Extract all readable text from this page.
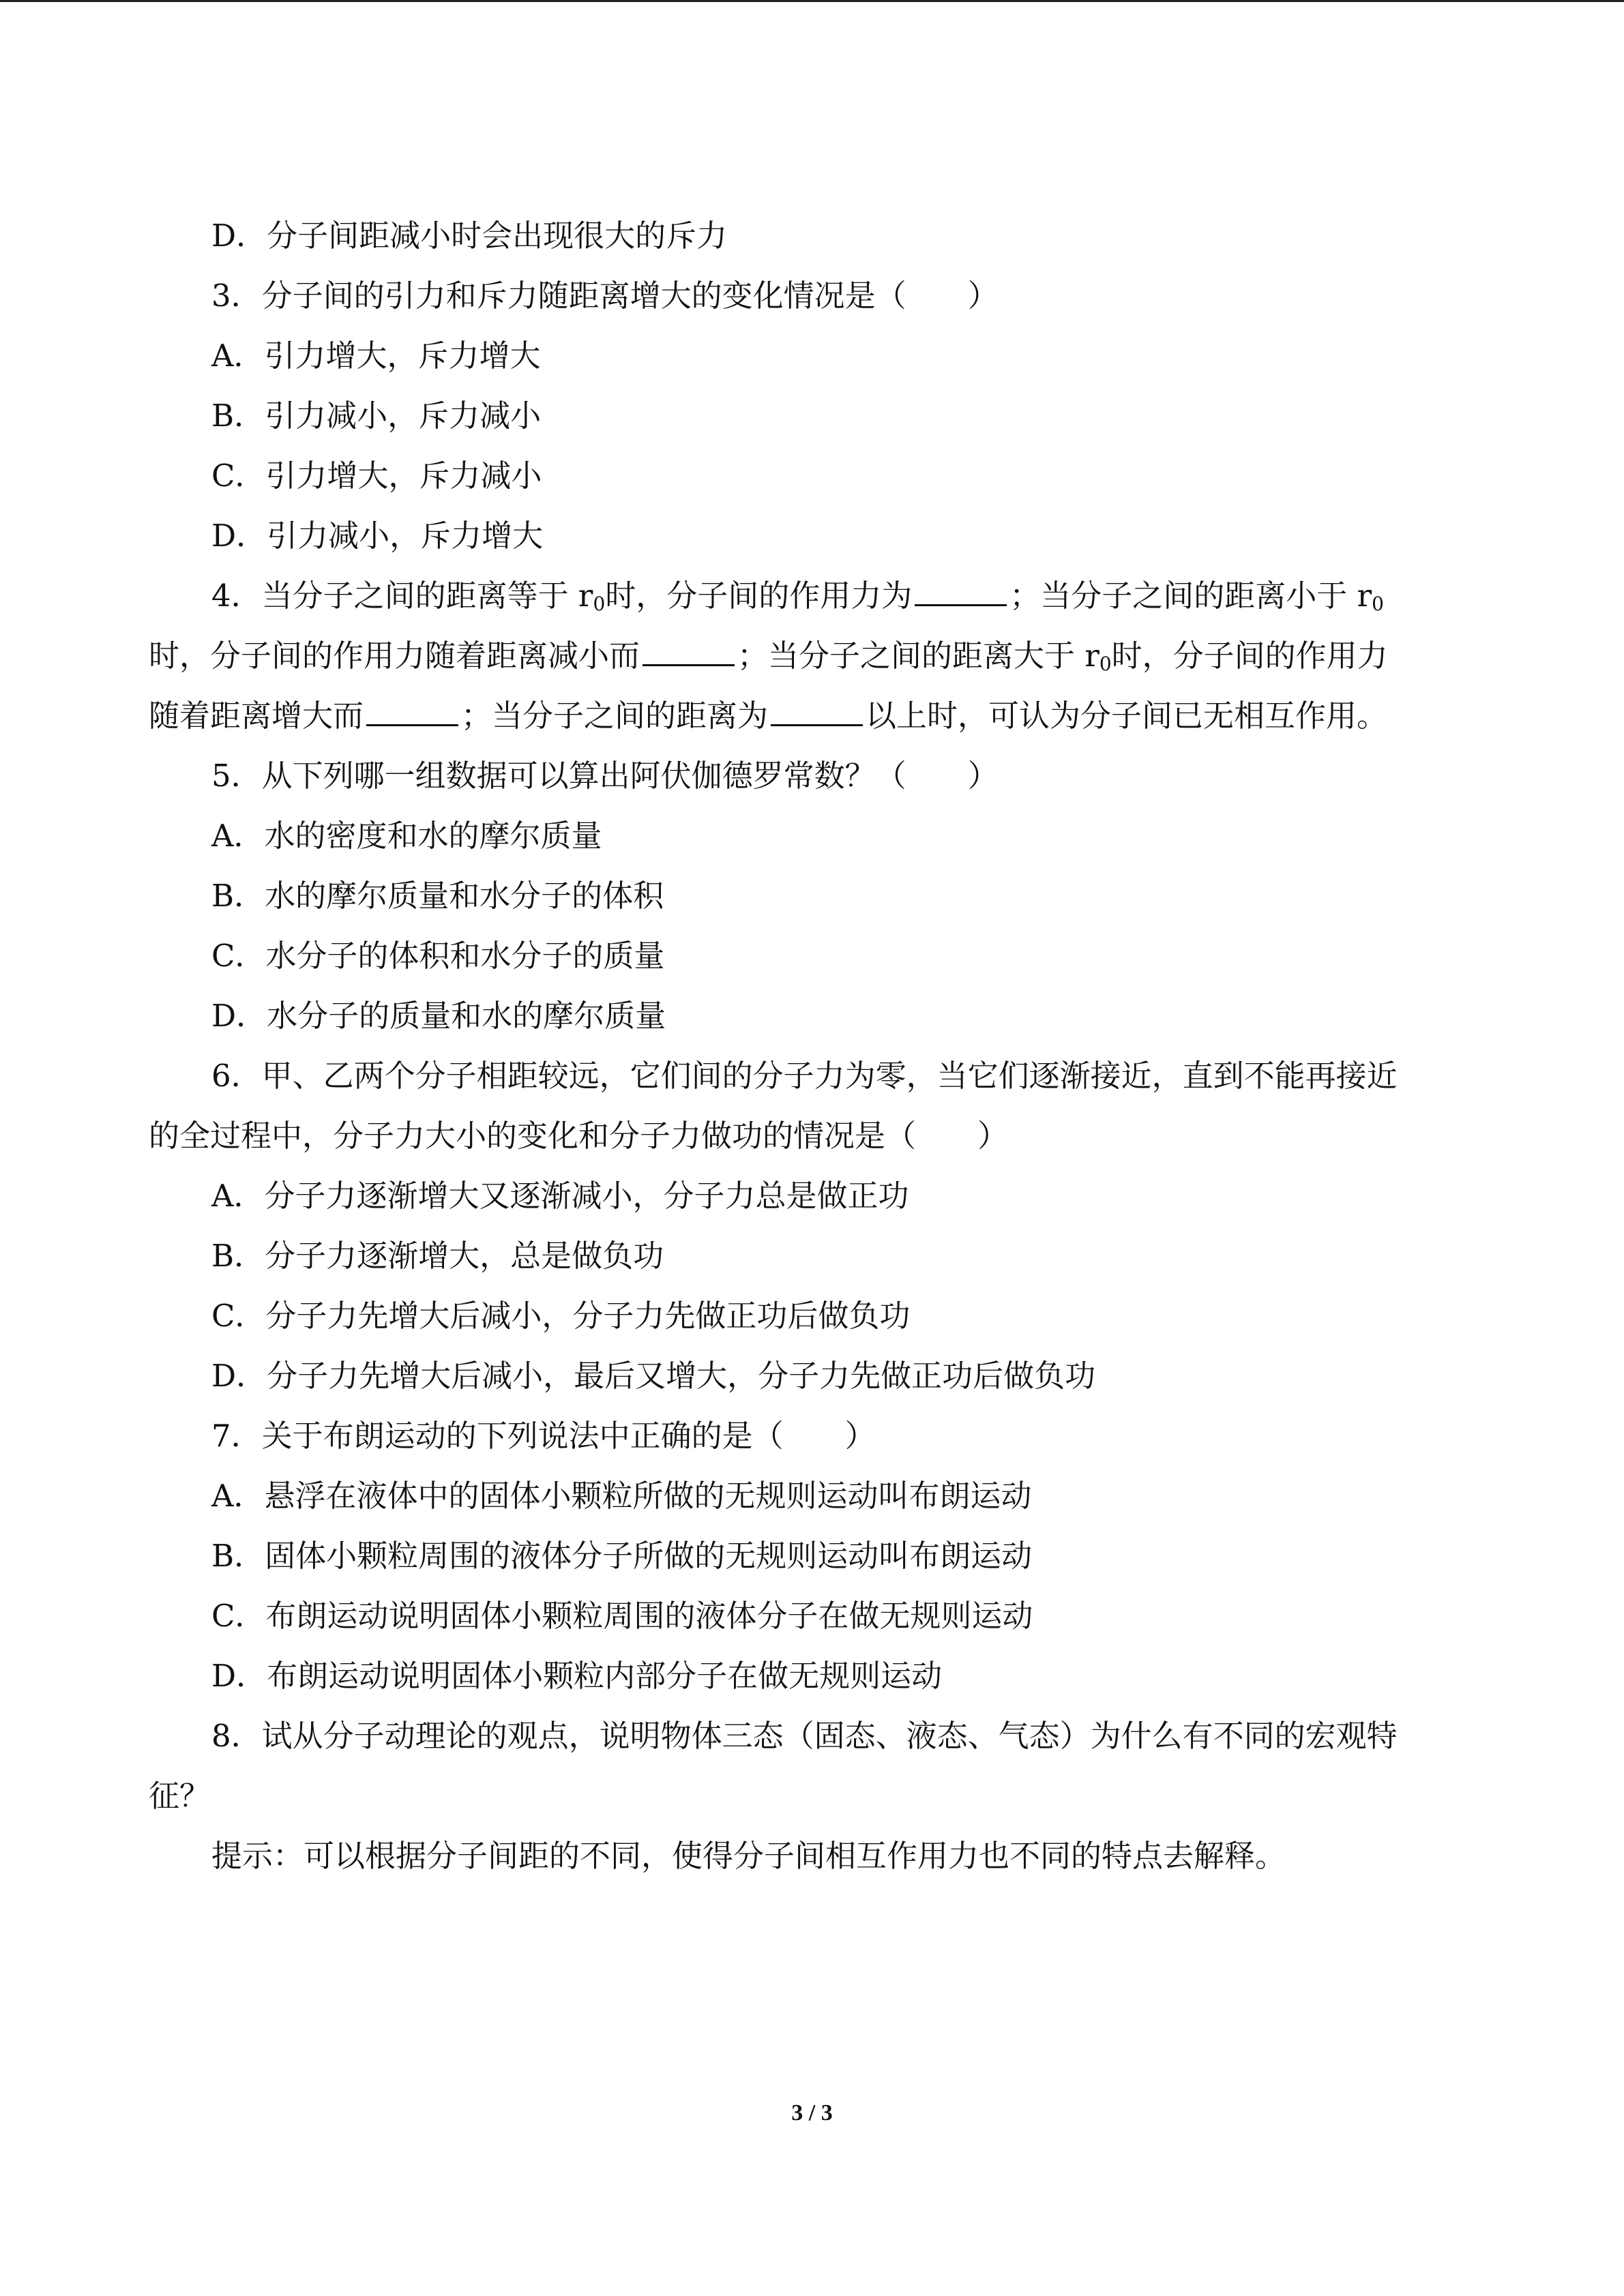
D．分子间距减小时会出现很大的斥力
3．分子间的引力和斥力随距离增大的变化情况是（　　）
A．引力增大，斥力增大
B．引力减小，斥力减小
C．引力增大，斥力减小
D．引力减小，斥力增大
4．当分子之间的距离等于 $r_0$时，分子间的作用力为	；当分子之间的距离小于 $r_0$
时，分子间的作用力随着距离减小而	；当分子之间的距离大于 $r_0$时，分子间的作用力
随着距离增大而	；当分子之间的距离为	以上时，可认为分子间已无相互作用。
5．从下列哪一组数据可以算出阿伏伽德罗常数？（　　）
A．水的密度和水的摩尔质量
B．水的摩尔质量和水分子的体积
C．水分子的体积和水分子的质量
D．水分子的质量和水的摩尔质量
6．甲、乙两个分子相距较远，它们间的分子力为零，当它们逐渐接近，直到不能再接近
的全过程中，分子力大小的变化和分子力做功的情况是（　　）
A．分子力逐渐增大又逐渐减小，分子力总是做正功
B．分子力逐渐增大，总是做负功
C．分子力先增大后减小，分子力先做正功后做负功
D．分子力先增大后减小，最后又增大，分子力先做正功后做负功
7．关于布朗运动的下列说法中正确的是（　　）
A．悬浮在液体中的固体小颗粒所做的无规则运动叫布朗运动
B．固体小颗粒周围的液体分子所做的无规则运动叫布朗运动
C．布朗运动说明固体小颗粒周围的液体分子在做无规则运动
D．布朗运动说明固体小颗粒内部分子在做无规则运动
8．试从分子动理论的观点，说明物体三态（固态、液态、气态）为什么有不同的宏观特
征？
提示：可以根据分子间距的不同，使得分子间相互作用力也不同的特点去解释。
3 / 3
